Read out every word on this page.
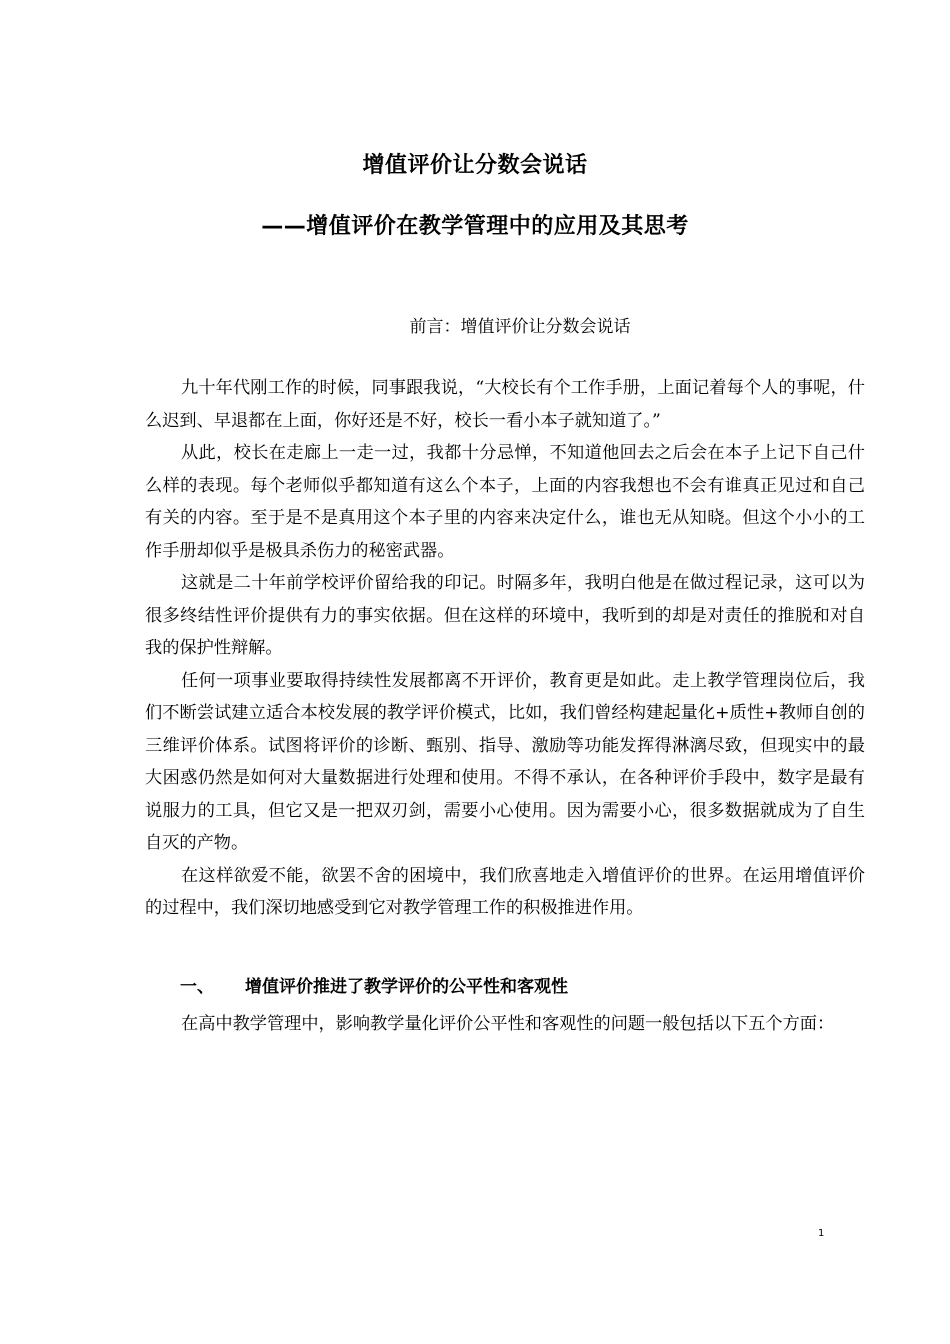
增值评价让分数会说话
——增值评价在教学管理中的应用及其思考
前言：增值评价让分数会说话

九十年代刚工作的时候，同事跟我说，“大校长有个工作手册，上面记着每个人的事呢，什么迟到、早退都在上面，你好还是不好，校长一看小本子就知道了。”

从此，校长在走廊上一走一过，我都十分忌惮，不知道他回去之后会在本子上记下自己什么样的表现。每个老师似乎都知道有这么个本子，上面的内容我想也不会有谁真正见过和自己有关的内容。至于是不是真用这个本子里的内容来决定什么，谁也无从知晓。但这个小小的工作手册却似乎是极具杀伤力的秘密武器。

这就是二十年前学校评价留给我的印记。时隔多年，我明白他是在做过程记录，这可以为很多终结性评价提供有力的事实依据。但在这样的环境中，我听到的却是对责任的推脱和对自我的保护性辩解。

任何一项事业要取得持续性发展都离不开评价，教育更是如此。走上教学管理岗位后，我们不断尝试建立适合本校发展的教学评价模式，比如，我们曾经构建起量化+质性+教师自创的三维评价体系。试图将评价的诊断、甄别、指导、激励等功能发挥得淋漓尽致，但现实中的最大困惑仍然是如何对大量数据进行处理和使用。不得不承认，在各种评价手段中，数字是最有说服力的工具，但它又是一把双刃剑，需要小心使用。因为需要小心，很多数据就成为了自生自灭的产物。

在这样欲爱不能，欲罢不舍的困境中，我们欣喜地走入增值评价的世界。在运用增值评价的过程中，我们深切地感受到它对教学管理工作的积极推进作用。

一、 增值评价推进了教学评价的公平性和客观性
在高中教学管理中，影响教学量化评价公平性和客观性的问题一般包括以下五个方面：
1
